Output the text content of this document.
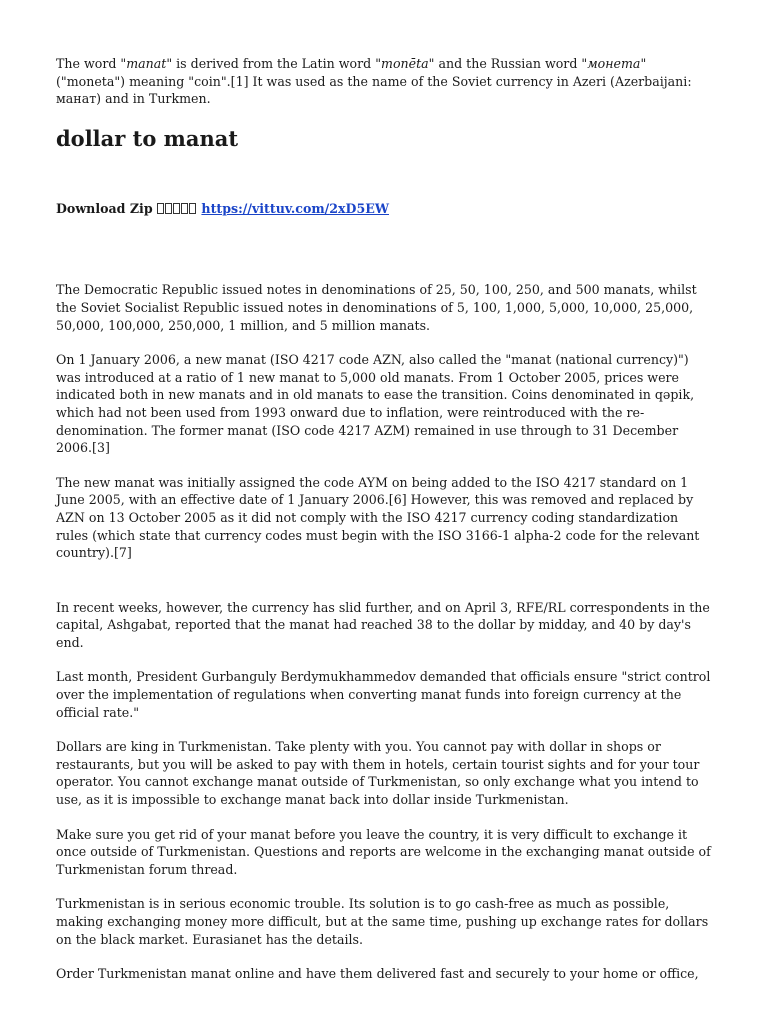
The word "manat" is derived from the Latin word "monēta" and the Russian word "монета" ("moneta") meaning "coin".[1] It was used as the name of the Soviet currency in Azeri (Azerbaijani: манат) and in Turkmen.

dollar to manat

Download Zip	https://vittuv.com/2xD5EW

The Democratic Republic issued notes in denominations of 25, 50, 100, 250, and 500 manats, whilst the Soviet Socialist Republic issued notes in denominations of 5, 100, 1,000, 5,000, 10,000, 25,000, 50,000, 100,000, 250,000, 1 million, and 5 million manats.

On 1 January 2006, a new manat (ISO 4217 code AZN, also called the "manat (national currency)") was introduced at a ratio of 1 new manat to 5,000 old manats. From 1 October 2005, prices were indicated both in new manats and in old manats to ease the transition. Coins denominated in qəpik, which had not been used from 1993 onward due to inflation, were reintroduced with the re-denomination. The former manat (ISO code 4217 AZM) remained in use through to 31 December 2006.[3]

The new manat was initially assigned the code AYM on being added to the ISO 4217 standard on 1 June 2005, with an effective date of 1 January 2006.[6] However, this was removed and replaced by AZN on 13 October 2005 as it did not comply with the ISO 4217 currency coding standardization rules (which state that currency codes must begin with the ISO 3166-1 alpha-2 code for the relevant country).[7]

In recent weeks, however, the currency has slid further, and on April 3, RFE/RL correspondents in the capital, Ashgabat, reported that the manat had reached 38 to the dollar by midday, and 40 by day's end.

Last month, President Gurbanguly Berdymukhammedov demanded that officials ensure "strict control over the implementation of regulations when converting manat funds into foreign currency at the official rate."

Dollars are king in Turkmenistan. Take plenty with you. You cannot pay with dollar in shops or restaurants, but you will be asked to pay with them in hotels, certain tourist sights and for your tour operator. You cannot exchange manat outside of Turkmenistan, so only exchange what you intend to use, as it is impossible to exchange manat back into dollar inside Turkmenistan.

Make sure you get rid of your manat before you leave the country, it is very difficult to exchange it once outside of Turkmenistan. Questions and reports are welcome in the exchanging manat outside of Turkmenistan forum thread.

Turkmenistan is in serious economic trouble. Its solution is to go cash-free as much as possible, making exchanging money more difficult, but at the same time, pushing up exchange rates for dollars on the black market. Eurasianet has the details.

Order Turkmenistan manat online and have them delivered fast and securely to your home or office,
